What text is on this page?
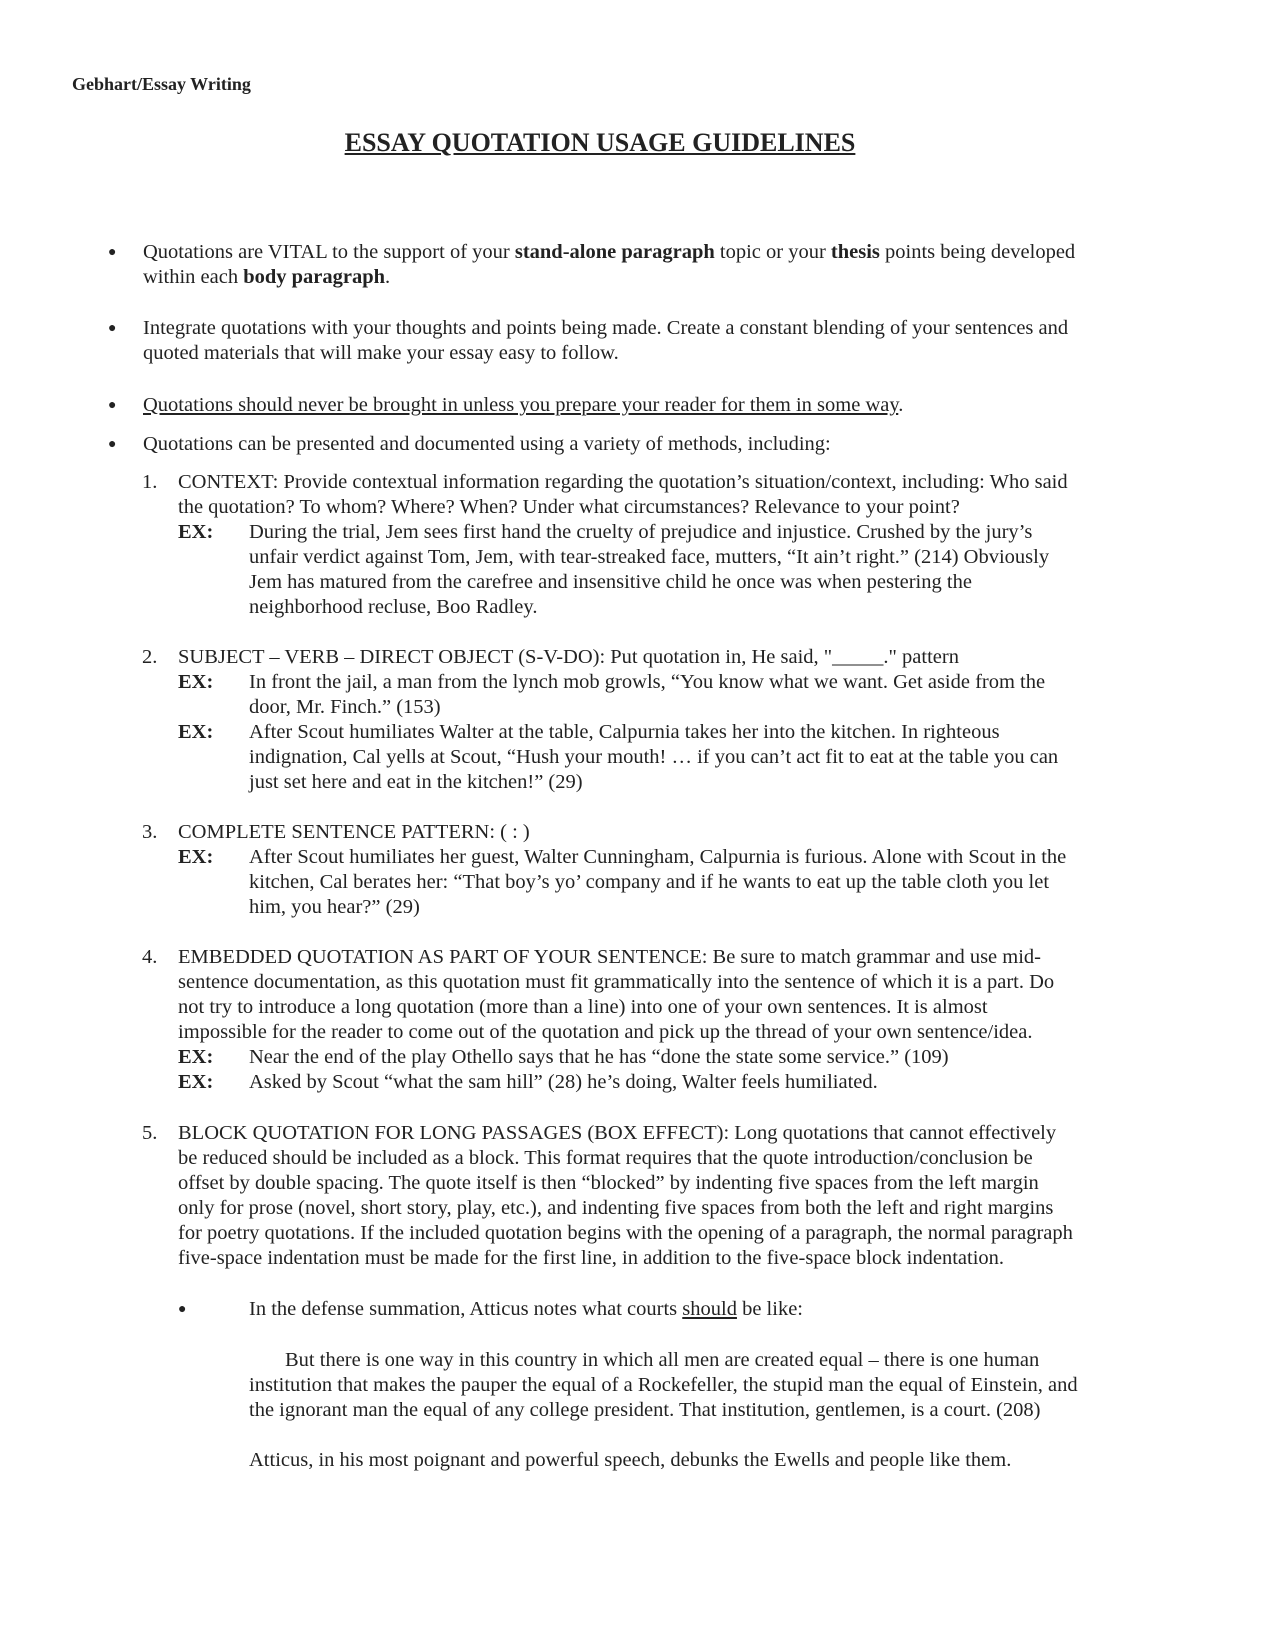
Gebhart/Essay Writing
ESSAY QUOTATION USAGE GUIDELINES
● Quotations are VITAL to the support of your stand-alone paragraph topic or your thesis points being developed
within each body paragraph.
● Integrate quotations with your thoughts and points being made. Create a constant blending of your sentences and
quoted materials that will make your essay easy to follow.
● Quotations should never be brought in unless you prepare your reader for them in some way.
● Quotations can be presented and documented using a variety of methods, including:
1. CONTEXT: Provide contextual information regarding the quotation’s situation/context, including: Who said
the quotation? To whom? Where? When? Under what circumstances? Relevance to your point?
EX: During the trial, Jem sees first hand the cruelty of prejudice and injustice. Crushed by the jury’s
unfair verdict against Tom, Jem, with tear-streaked face, mutters, “It ain’t right.” (214) Obviously
Jem has matured from the carefree and insensitive child he once was when pestering the
neighborhood recluse, Boo Radley.
2. SUBJECT – VERB – DIRECT OBJECT (S-V-DO): Put quotation in, He said, "_____." pattern
EX: In front the jail, a man from the lynch mob growls, “You know what we want. Get aside from the
door, Mr. Finch.” (153)
EX: After Scout humiliates Walter at the table, Calpurnia takes her into the kitchen. In righteous
indignation, Cal yells at Scout, “Hush your mouth! … if you can’t act fit to eat at the table you can
just set here and eat in the kitchen!” (29)
3. COMPLETE SENTENCE PATTERN: ( : )
EX: After Scout humiliates her guest, Walter Cunningham, Calpurnia is furious. Alone with Scout in the
kitchen, Cal berates her: “That boy’s yo’ company and if he wants to eat up the table cloth you let
him, you hear?” (29)
4. EMBEDDED QUOTATION AS PART OF YOUR SENTENCE: Be sure to match grammar and use mid-
sentence documentation, as this quotation must fit grammatically into the sentence of which it is a part. Do
not try to introduce a long quotation (more than a line) into one of your own sentences. It is almost
impossible for the reader to come out of the quotation and pick up the thread of your own sentence/idea.
EX: Near the end of the play Othello says that he has “done the state some service.” (109)
EX: Asked by Scout “what the sam hill” (28) he’s doing, Walter feels humiliated.
5. BLOCK QUOTATION FOR LONG PASSAGES (BOX EFFECT): Long quotations that cannot effectively
be reduced should be included as a block. This format requires that the quote introduction/conclusion be
offset by double spacing. The quote itself is then “blocked” by indenting five spaces from the left margin
only for prose (novel, short story, play, etc.), and indenting five spaces from both the left and right margins
for poetry quotations. If the included quotation begins with the opening of a paragraph, the normal paragraph
five-space indentation must be made for the first line, in addition to the five-space block indentation.
●	In the defense summation, Atticus notes what courts should be like:
But there is one way in this country in which all men are created equal – there is one human
institution that makes the pauper the equal of a Rockefeller, the stupid man the equal of Einstein, and
the ignorant man the equal of any college president. That institution, gentlemen, is a court. (208)
Atticus, in his most poignant and powerful speech, debunks the Ewells and people like them.
